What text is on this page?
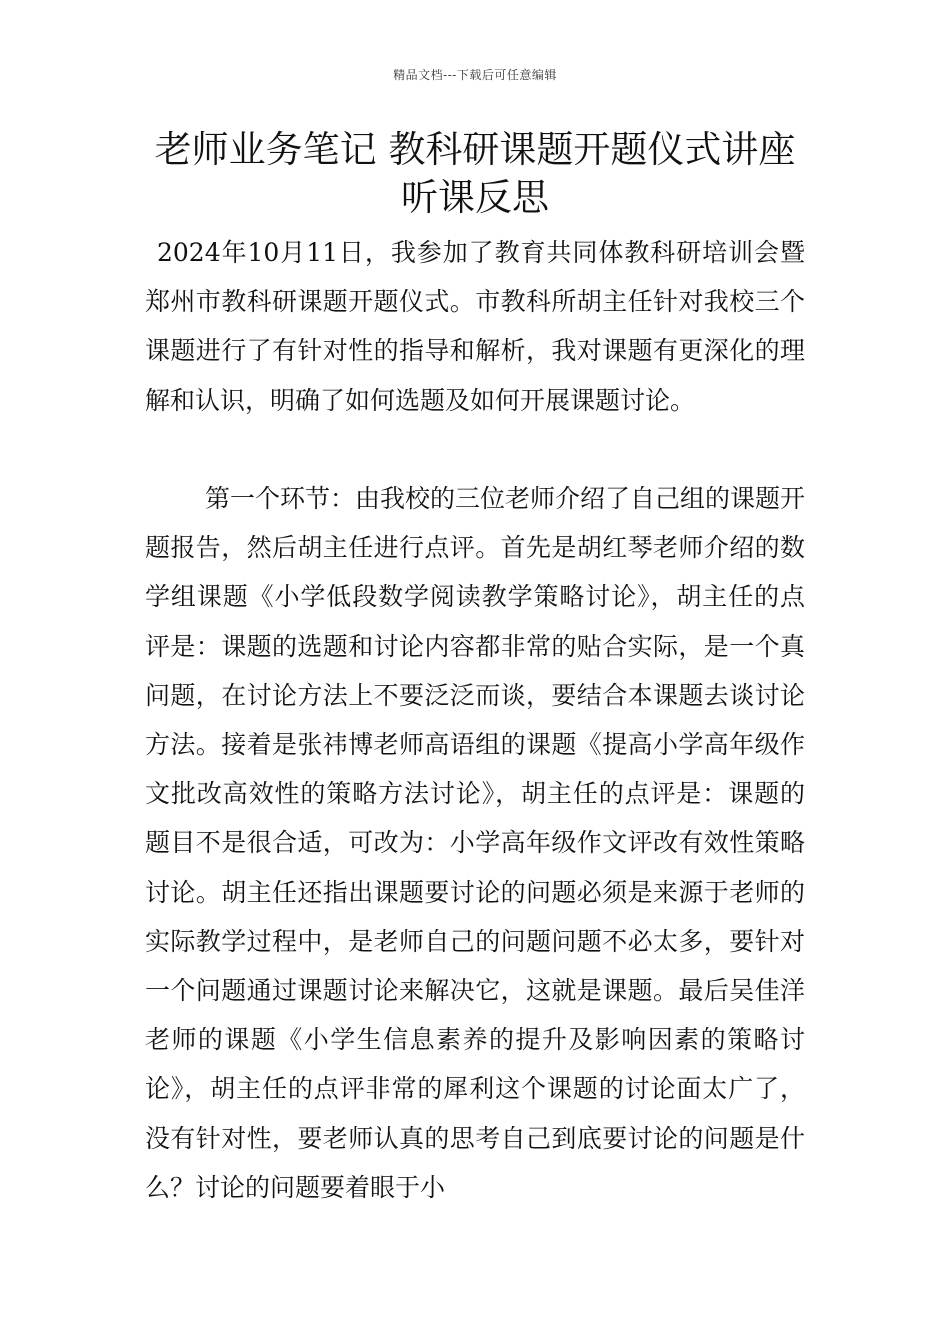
精品文档---下载后可任意编辑
老师业务笔记 教科研课题开题仪式讲座听课反思

2024年10月11日，我参加了教育共同体教科研培训会暨郑州市教科研课题开题仪式。市教科所胡主任针对我校三个课题进行了有针对性的指导和解析，我对课题有更深化的理解和认识，明确了如何选题及如何开展课题讨论。

第一个环节：由我校的三位老师介绍了自己组的课题开题报告，然后胡主任进行点评。首先是胡红琴老师介绍的数学组课题《小学低段数学阅读教学策略讨论》，胡主任的点评是：课题的选题和讨论内容都非常的贴合实际，是一个真问题，在讨论方法上不要泛泛而谈，要结合本课题去谈讨论方法。接着是张祎博老师高语组的课题《提高小学高年级作文批改高效性的策略方法讨论》，胡主任的点评是：课题的题目不是很合适，可改为：小学高年级作文评改有效性策略讨论。胡主任还指出课题要讨论的问题必须是来源于老师的实际教学过程中，是老师自己的问题问题不必太多，要针对一个问题通过课题讨论来解决它，这就是课题。最后吴佳洋老师的课题《小学生信息素养的提升及影响因素的策略讨论》，胡主任的点评非常的犀利这个课题的讨论面太广了，没有针对性，要老师认真的思考自己到底要讨论的问题是什么？讨论的问题要着眼于小
